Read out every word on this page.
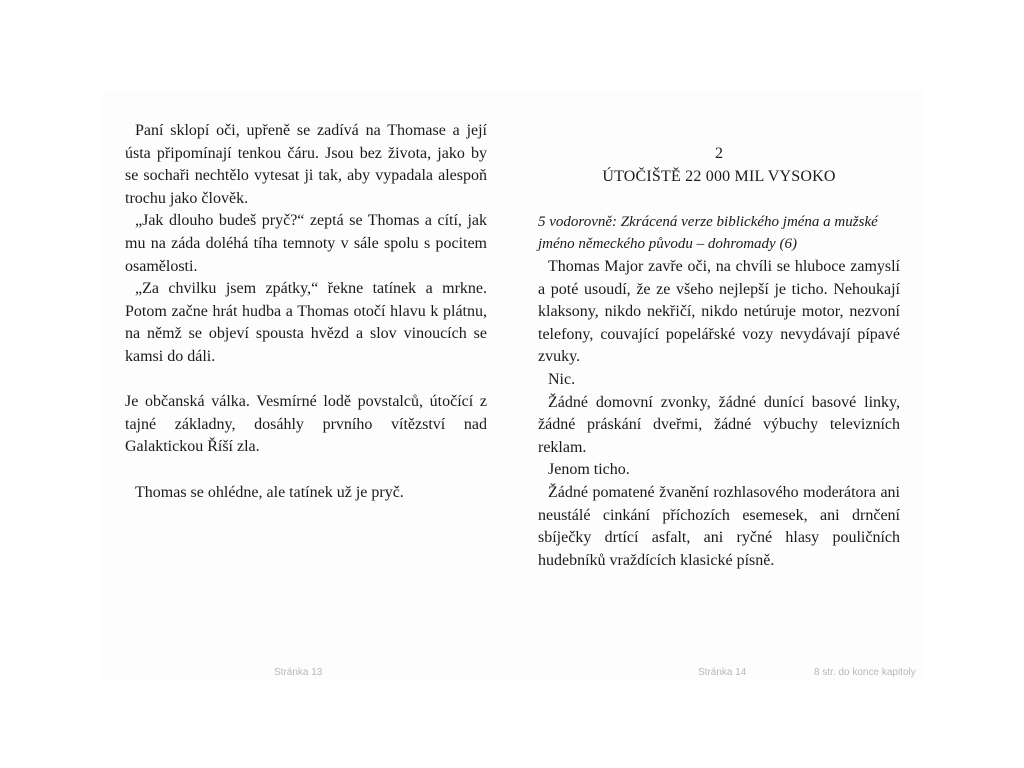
Paní sklopí oči, upřeně se zadívá na Thomase a její ústa připomínají tenkou čáru. Jsou bez života, jako by se sochaři nechtělo vytesat ji tak, aby vypadala alespoň trochu jako člověk.

„Jak dlouho budeš pryč?“ zeptá se Thomas a cítí, jak mu na záda doléhá tíha temnoty v sále spolu s pocitem osamělosti.

„Za chvilku jsem zpátky,“ řekne tatínek a mrkne. Potom začne hrát hudba a Thomas otočí hlavu k plátnu, na němž se objeví spousta hvězd a slov vinoucích se kamsi do dáli.

Je občanská válka. Vesmírné lodě povstalců, útočící z tajné základny, dosáhly prvního vítězství nad Galaktickou Říší zla.

Thomas se ohlédne, ale tatínek už je pryč.

2

ÚTOČIŠTĚ 22 000 MIL VYSOKO

5 vodorovně: Zkrácená verze biblického jména a mužské jméno německého původu – dohromady (6)

Thomas Major zavře oči, na chvíli se hluboce zamyslí a poté usoudí, že ze všeho nejlepší je ticho. Nehoukají klaksony, nikdo nekřičí, nikdo netúruje motor, nezvoní telefony, couvající popelářské vozy nevydávají pípavé zvuky.

Nic.

Žádné domovní zvonky, žádné dunící basové linky, žádné práskání dveřmi, žádné výbuchy televizních reklam.

Jenom ticho.

Žádné pomatené žvanění rozhlasového moderátora ani neustálé cinkání příchozích esemesek, ani drnčení sbíječky drtící asfalt, ani ryčné hlasy pouličních hudebníků vraždících klasické písně.

Stránka 13	Stránka 14	8 str. do konce kapitoly
